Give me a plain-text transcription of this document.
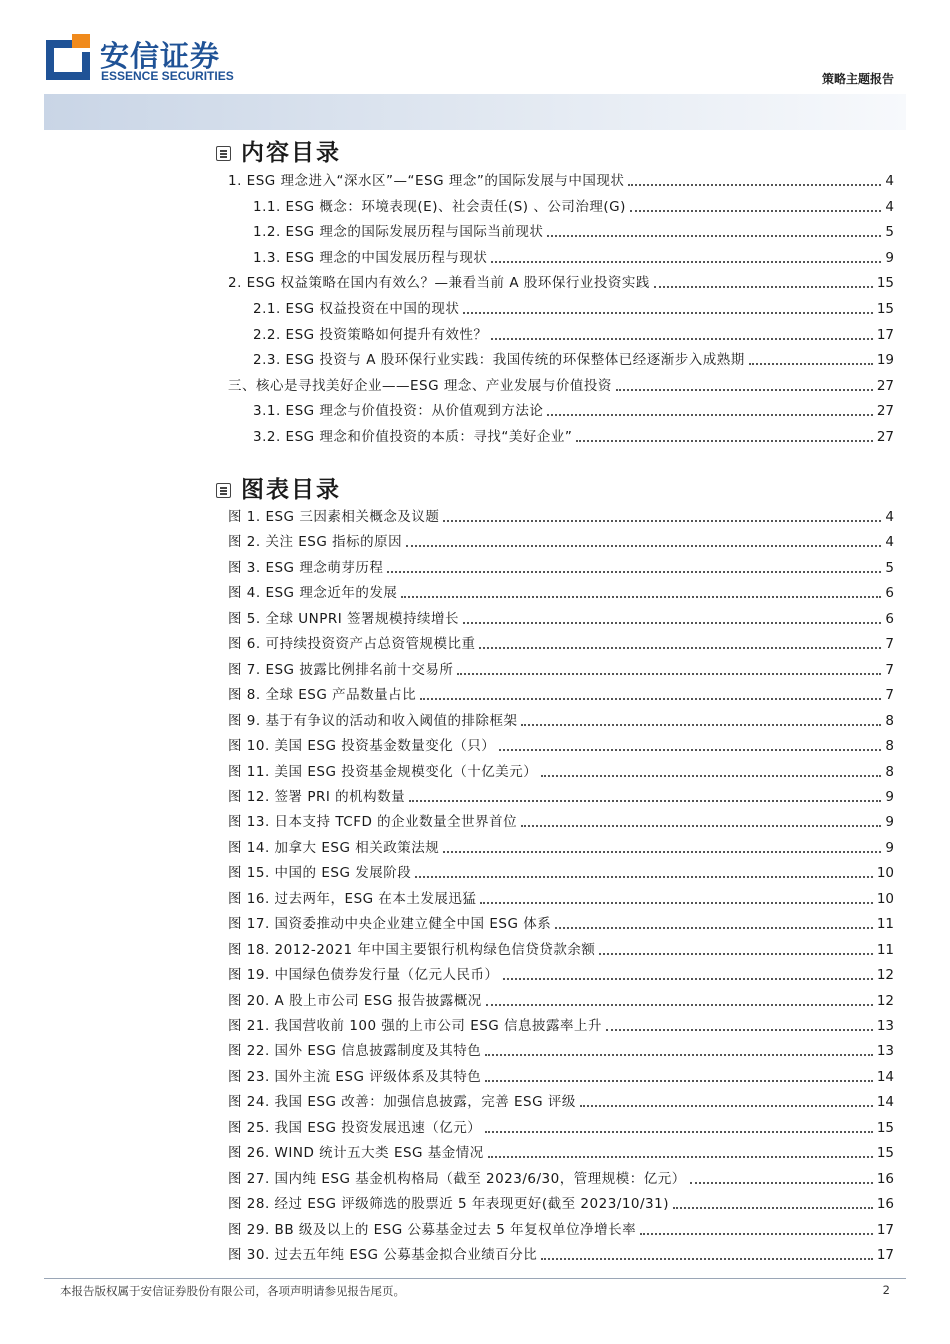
安信证券
ESSENCE SECURITIES	策略主题报告
内容目录
1. ESG 理念进入“深水区”—“ESG 理念”的国际发展与中国现状	4
1.1. ESG 概念：环境表现(E)、社会责任(S) 、公司治理(G)	4
1.2. ESG 理念的国际发展历程与国际当前现状	5
1.3. ESG 理念的中国发展历程与现状	9
2. ESG 权益策略在国内有效么？—兼看当前 A 股环保行业投资实践	15
2.1. ESG 权益投资在中国的现状	15
2.2. ESG 投资策略如何提升有效性？	17
2.3. ESG 投资与 A 股环保行业实践：我国传统的环保整体已经逐渐步入成熟期	19
三、核心是寻找美好企业——ESG 理念、产业发展与价值投资	27
3.1. ESG 理念与价值投资：从价值观到方法论	27
3.2. ESG 理念和价值投资的本质：寻找“美好企业”	27
图表目录
图 1. ESG 三因素相关概念及议题	4
图 2. 关注 ESG 指标的原因	4
图 3. ESG 理念萌芽历程	5
图 4. ESG 理念近年的发展	6
图 5. 全球 UNPRI 签署规模持续增长	6
图 6. 可持续投资资产占总资管规模比重	7
图 7. ESG 披露比例排名前十交易所	7
图 8. 全球 ESG 产品数量占比	7
图 9. 基于有争议的活动和收入阈值的排除框架	8
图 10. 美国 ESG 投资基金数量变化（只）	8
图 11. 美国 ESG 投资基金规模变化（十亿美元）	8
图 12. 签署 PRI 的机构数量	9
图 13. 日本支持 TCFD 的企业数量全世界首位	9
图 14. 加拿大 ESG 相关政策法规	9
图 15. 中国的 ESG 发展阶段	10
图 16. 过去两年，ESG 在本土发展迅猛	10
图 17. 国资委推动中央企业建立健全中国 ESG 体系	11
图 18. 2012-2021 年中国主要银行机构绿色信贷贷款余额	11
图 19. 中国绿色债券发行量（亿元人民币）	12
图 20. A 股上市公司 ESG 报告披露概况	12
图 21. 我国营收前 100 强的上市公司 ESG 信息披露率上升	13
图 22. 国外 ESG 信息披露制度及其特色	13
图 23. 国外主流 ESG 评级体系及其特色	14
图 24. 我国 ESG 改善：加强信息披露，完善 ESG 评级	14
图 25. 我国 ESG 投资发展迅速（亿元）	15
图 26. WIND 统计五大类 ESG 基金情况	15
图 27. 国内纯 ESG 基金机构格局（截至 2023/6/30，管理规模：亿元）	16
图 28. 经过 ESG 评级筛选的股票近 5 年表现更好(截至 2023/10/31)	16
图 29. BB 级及以上的 ESG 公募基金过去 5 年复权单位净增长率	17
图 30. 过去五年纯 ESG 公募基金拟合业绩百分比	17
本报告版权属于安信证券股份有限公司，各项声明请参见报告尾页。	2
